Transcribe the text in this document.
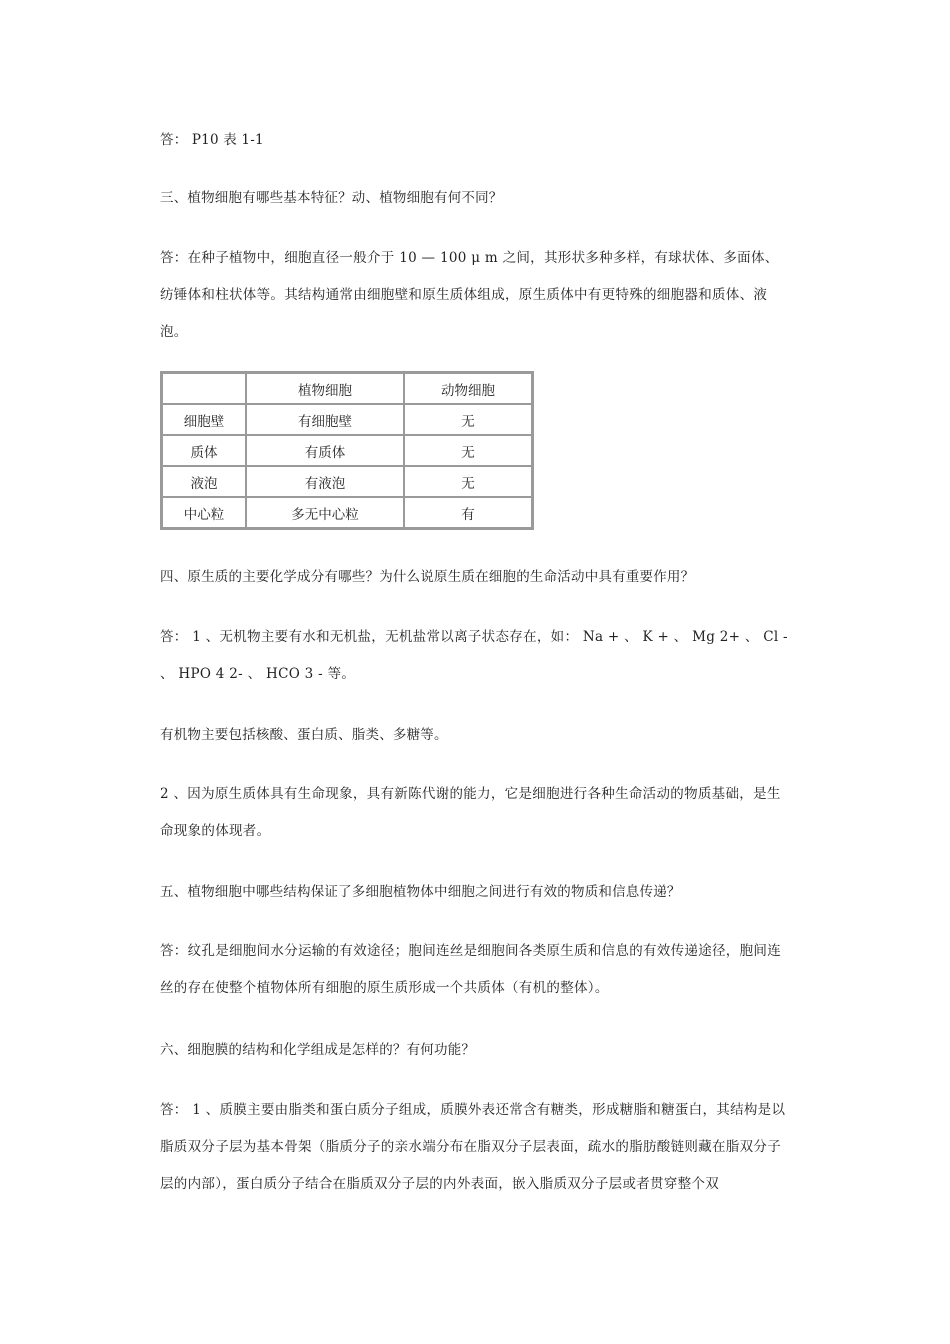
答： P10 表 1-1
三、植物细胞有哪些基本特征？动、植物细胞有何不同？
答：在种子植物中，细胞直径一般介于 10 — 100 μ m 之间，其形状多种多样，有球状体、多面体、纺锤体和柱状体等。其结构通常由细胞壁和原生质体组成，原生质体中有更特殊的细胞器和质体、液泡。
	植物细胞	动物细胞
细胞壁	有细胞壁	无
质体	有质体	无
液泡	有液泡	无
中心粒	多无中心粒	有
四、原生质的主要化学成分有哪些？为什么说原生质在细胞的生命活动中具有重要作用？
答： 1 、无机物主要有水和无机盐，无机盐常以离子状态存在，如： Na + 、 K + 、 Mg 2+ 、 Cl - 、 HPO 4 2- 、 HCO 3 - 等。
有机物主要包括核酸、蛋白质、脂类、多糖等。
2 、因为原生质体具有生命现象，具有新陈代谢的能力，它是细胞进行各种生命活动的物质基础，是生命现象的体现者。
五、植物细胞中哪些结构保证了多细胞植物体中细胞之间进行有效的物质和信息传递？
答：纹孔是细胞间水分运输的有效途径；胞间连丝是细胞间各类原生质和信息的有效传递途径，胞间连丝的存在使整个植物体所有细胞的原生质形成一个共质体（有机的整体）。
六、细胞膜的结构和化学组成是怎样的？有何功能？
答： 1 、质膜主要由脂类和蛋白质分子组成，质膜外表还常含有糖类，形成糖脂和糖蛋白，其结构是以脂质双分子层为基本骨架（脂质分子的亲水端分布在脂双分子层表面，疏水的脂肪酸链则藏在脂双分子层的内部），蛋白质分子结合在脂质双分子层的内外表面，嵌入脂质双分子层或者贯穿整个双
